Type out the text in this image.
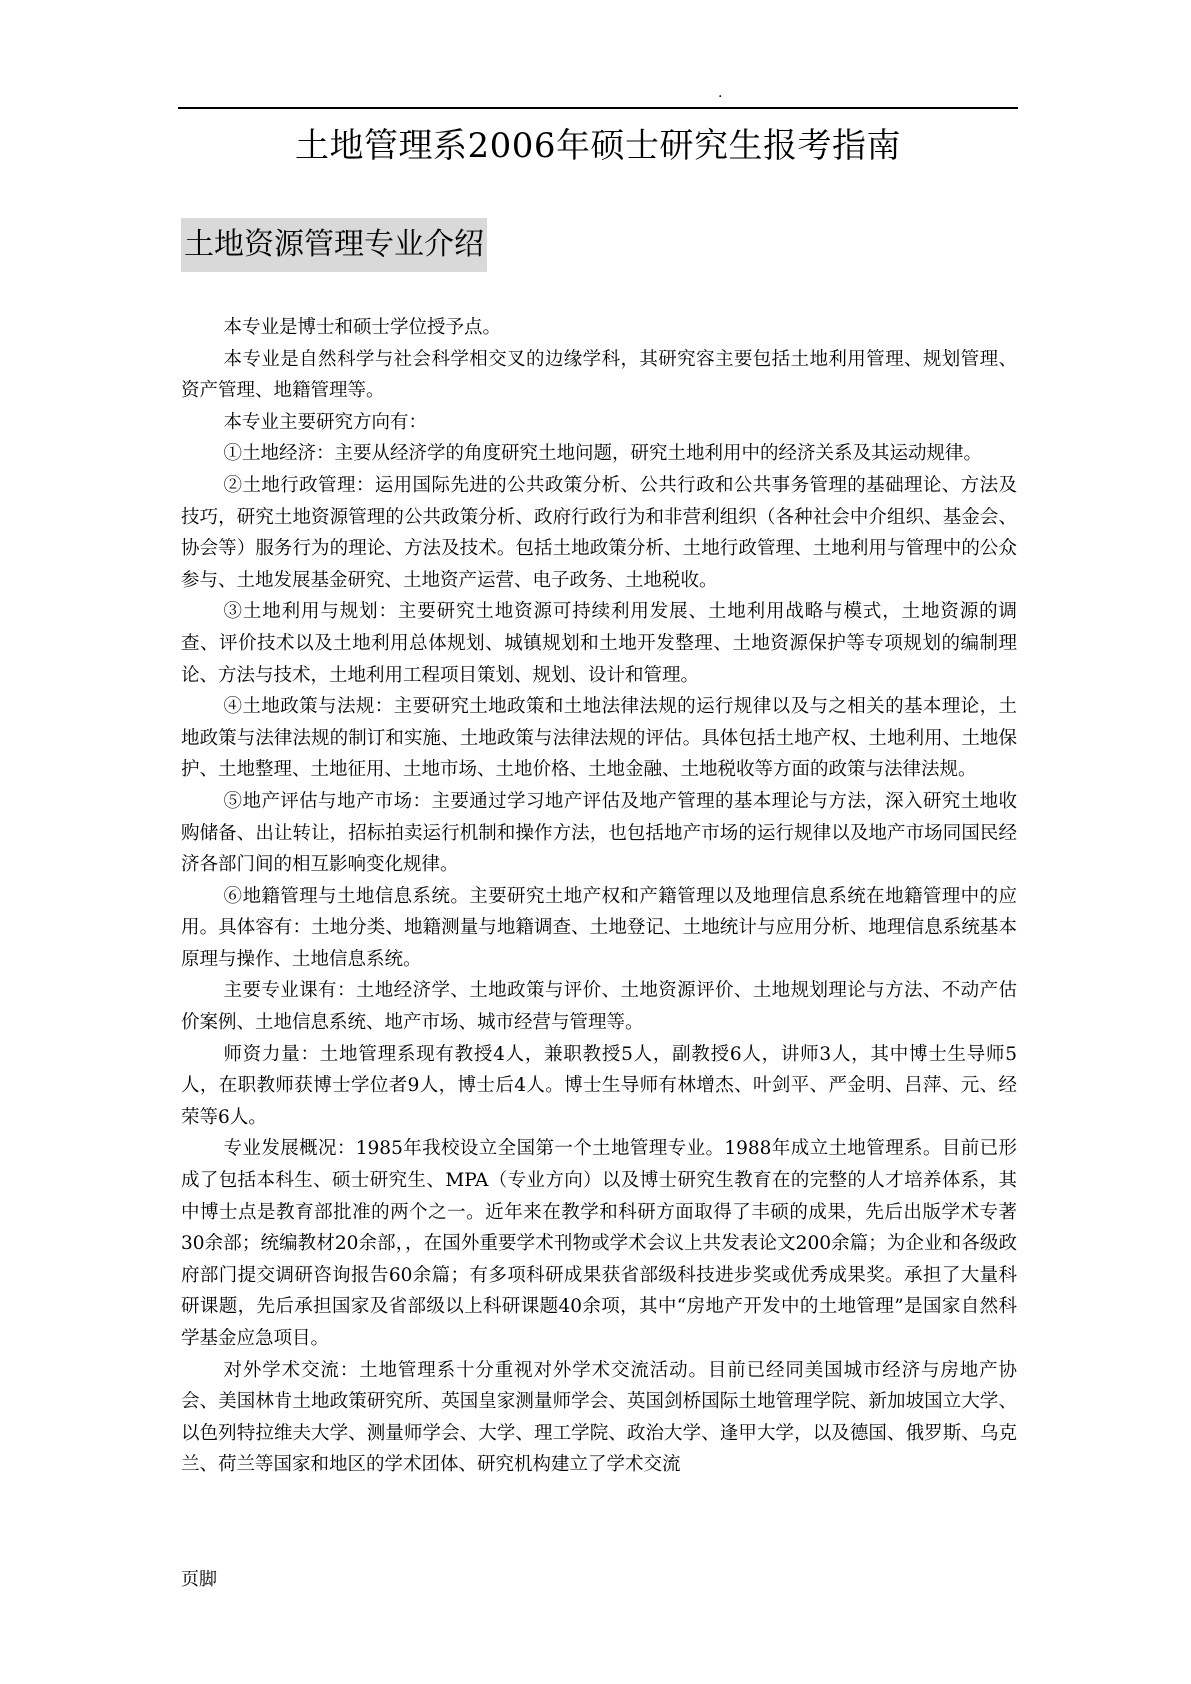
.
土地管理系2006年硕士研究生报考指南
土地资源管理专业介绍

本专业是博士和硕士学位授予点。

本专业是自然科学与社会科学相交叉的边缘学科，其研究容主要包括土地利用管理、规划管理、资产管理、地籍管理等。

本专业主要研究方向有：

①土地经济：主要从经济学的角度研究土地问题，研究土地利用中的经济关系及其运动规律。

②土地行政管理：运用国际先进的公共政策分析、公共行政和公共事务管理的基础理论、方法及技巧，研究土地资源管理的公共政策分析、政府行政行为和非营利组织（各种社会中介组织、基金会、协会等）服务行为的理论、方法及技术。包括土地政策分析、土地行政管理、土地利用与管理中的公众参与、土地发展基金研究、土地资产运营、电子政务、土地税收。

③土地利用与规划：主要研究土地资源可持续利用发展、土地利用战略与模式，土地资源的调查、评价技术以及土地利用总体规划、城镇规划和土地开发整理、土地资源保护等专项规划的编制理论、方法与技术，土地利用工程项目策划、规划、设计和管理。

④土地政策与法规：主要研究土地政策和土地法律法规的运行规律以及与之相关的基本理论，土地政策与法律法规的制订和实施、土地政策与法律法规的评估。具体包括土地产权、土地利用、土地保护、土地整理、土地征用、土地市场、土地价格、土地金融、土地税收等方面的政策与法律法规。

⑤地产评估与地产市场：主要通过学习地产评估及地产管理的基本理论与方法，深入研究土地收购储备、出让转让，招标拍卖运行机制和操作方法，也包括地产市场的运行规律以及地产市场同国民经济各部门间的相互影响变化规律。

⑥地籍管理与土地信息系统。主要研究土地产权和产籍管理以及地理信息系统在地籍管理中的应用。具体容有：土地分类、地籍测量与地籍调查、土地登记、土地统计与应用分析、地理信息系统基本原理与操作、土地信息系统。

主要专业课有：土地经济学、土地政策与评价、土地资源评价、土地规划理论与方法、不动产估价案例、土地信息系统、地产市场、城市经营与管理等。

师资力量：土地管理系现有教授4人，兼职教授5人，副教授6人，讲师3人，其中博士生导师5人，在职教师获博士学位者9人，博士后4人。博士生导师有林增杰、叶剑平、严金明、吕萍、元、经荣等6人。

专业发展概况：1985年我校设立全国第一个土地管理专业。1988年成立土地管理系。目前已形成了包括本科生、硕士研究生、MPA（专业方向）以及博士研究生教育在的完整的人才培养体系，其中博士点是教育部批准的两个之一。近年来在教学和科研方面取得了丰硕的成果，先后出版学术专著30余部；统编教材20余部，，在国外重要学术刊物或学术会议上共发表论文200余篇；为企业和各级政府部门提交调研咨询报告60余篇；有多项科研成果获省部级科技进步奖或优秀成果奖。承担了大量科研课题，先后承担国家及省部级以上科研课题40余项，其中“房地产开发中的土地管理”是国家自然科学基金应急项目。

对外学术交流：土地管理系十分重视对外学术交流活动。目前已经同美国城市经济与房地产协会、美国林肯土地政策研究所、英国皇家测量师学会、英国剑桥国际土地管理学院、新加坡国立大学、以色列特拉维夫大学、测量师学会、大学、理工学院、政治大学、逢甲大学，以及德国、俄罗斯、乌克兰、荷兰等国家和地区的学术团体、研究机构建立了学术交流

页脚
